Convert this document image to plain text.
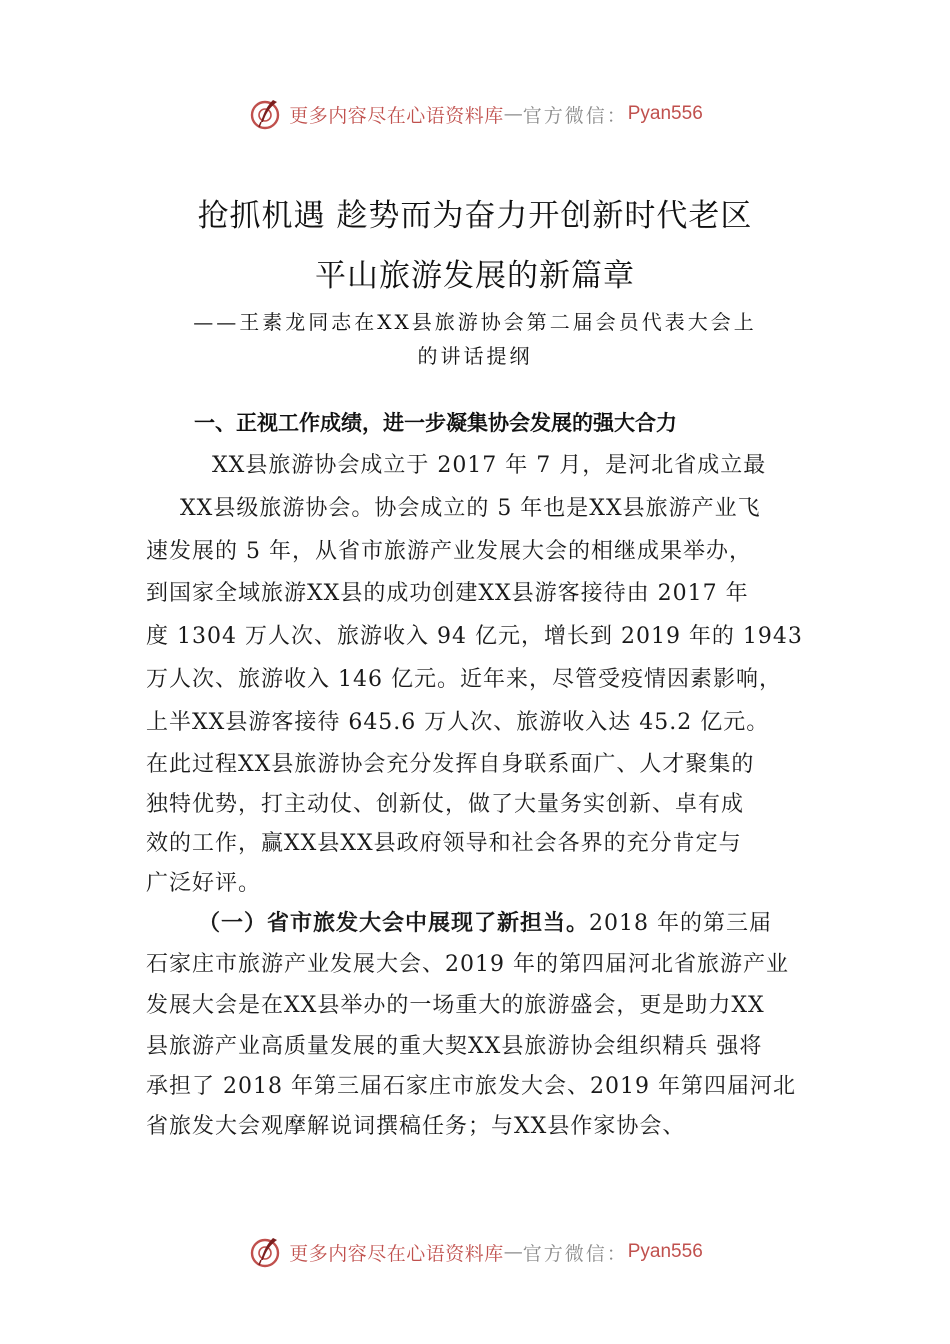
更多内容尽在心语资料库 — 官方微信： Pyan556
抢抓机遇 趁势而为奋力开创新时代老区
平山旅游发展的新篇章
——王素龙同志在XX县旅游协会第二届会员代表大会上
的讲话提纲
一、正视工作成绩，进一步凝集协会发展的强大合力
XX县旅游协会成立于 2017 年 7 月，是河北省成立最
XX县级旅游协会。协会成立的 5 年也是XX县旅游产业飞
速发展的 5 年，从省市旅游产业发展大会的相继成果举办，
到国家全域旅游XX县的成功创建XX县游客接待由 2017 年
度 1304 万人次、旅游收入 94 亿元，增长到 2019 年的 1943
万人次、旅游收入 146 亿元。近年来，尽管受疫情因素影响，
上半XX县游客接待 645.6 万人次、旅游收入达 45.2 亿元。
在此过程XX县旅游协会充分发挥自身联系面广、人才聚集的
独特优势，打主动仗、创新仗，做了大量务实创新、卓有成
效的工作，赢XX县XX县政府领导和社会各界的充分肯定与
广泛好评。
（一）省市旅发大会中展现了新担当。2018 年的第三届
石家庄市旅游产业发展大会、2019 年的第四届河北省旅游产业
发展大会是在XX县举办的一场重大的旅游盛会，更是助力XX
县旅游产业高质量发展的重大契XX县旅游协会组织精兵 强将
承担了 2018 年第三届石家庄市旅发大会、2019 年第四届河北
省旅发大会观摩解说词撰稿任务；与XX县作家协会、
更多内容尽在心语资料库 — 官方微信： Pyan556
